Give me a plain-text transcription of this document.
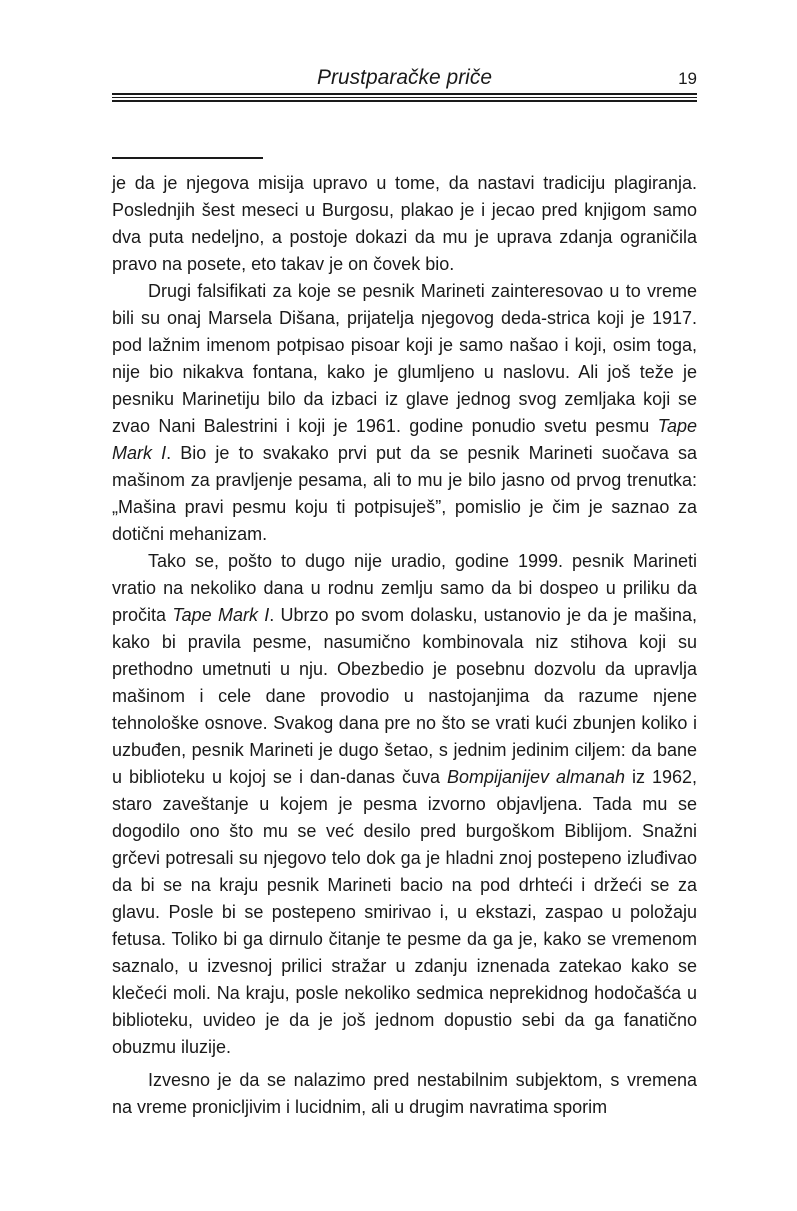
Prustparačke priče	19

je da je njegova misija upravo u tome, da nastavi tradiciju plagiranja. Poslednjih šest meseci u Burgosu, plakao je i jecao pred knjigom samo dva puta nedeljno, a postoje dokazi da mu je uprava zdanja ograničila pravo na posete, eto takav je on čovek bio.

Drugi falsifikati za koje se pesnik Marineti zainteresovao u to vreme bili su onaj Marsela Dišana, prijatelja njegovog deda-strica koji je 1917. pod lažnim imenom potpisao pisoar koji je samo našao i koji, osim toga, nije bio nikakva fontana, kako je glumljeno u naslovu. Ali još teže je pesniku Marinetiju bilo da izbaci iz glave jednog svog zemljaka koji se zvao Nani Balestrini i koji je 1961. godine ponudio svetu pesmu Tape Mark I. Bio je to svakako prvi put da se pesnik Marineti suočava sa mašinom za pravljenje pesama, ali to mu je bilo jasno od prvog trenutka: „Mašina pravi pesmu koju ti potpisuješ”, pomislio je čim je saznao za dotični mehanizam.

Tako se, pošto to dugo nije uradio, godine 1999. pesnik Marineti vratio na nekoliko dana u rodnu zemlju samo da bi dospeo u priliku da pročita Tape Mark I. Ubrzo po svom dolasku, ustanovio je da je mašina, kako bi pravila pesme, nasumično kombinovala niz stihova koji su prethodno umetnuti u nju. Obezbedio je posebnu dozvolu da upravlja mašinom i cele dane provodio u nastojanjima da razume njene tehnološke osnove. Svakog dana pre no što se vrati kući zbunjen koliko i uzbuđen, pesnik Marineti je dugo šetao, s jednim jedinim ciljem: da bane u biblioteku u kojoj se i dan-danas čuva Bompijanijev almanah iz 1962, staro zaveštanje u kojem je pesma izvorno objavljena. Tada mu se dogodilo ono što mu se već desilo pred burgoškom Biblijom. Snažni grčevi potresali su njegovo telo dok ga je hladni znoj postepeno izluđivao da bi se na kraju pesnik Marineti bacio na pod drhteći i držeći se za glavu. Posle bi se postepeno smirivao i, u ekstazi, zaspao u položaju fetusa. Toliko bi ga dirnulo čitanje te pesme da ga je, kako se vremenom saznalo, u izvesnoj prilici stražar u zdanju iznenada zatekao kako se klečeći moli. Na kraju, posle nekoliko sedmica neprekidnog hodočašća u biblioteku, uvideo je da je još jednom dopustio sebi da ga fanatično obuzmu iluzije.

Izvesno je da se nalazimo pred nestabilnim subjektom, s vremena na vreme pronicljivim i lucidnim, ali u drugim navratima sporim
